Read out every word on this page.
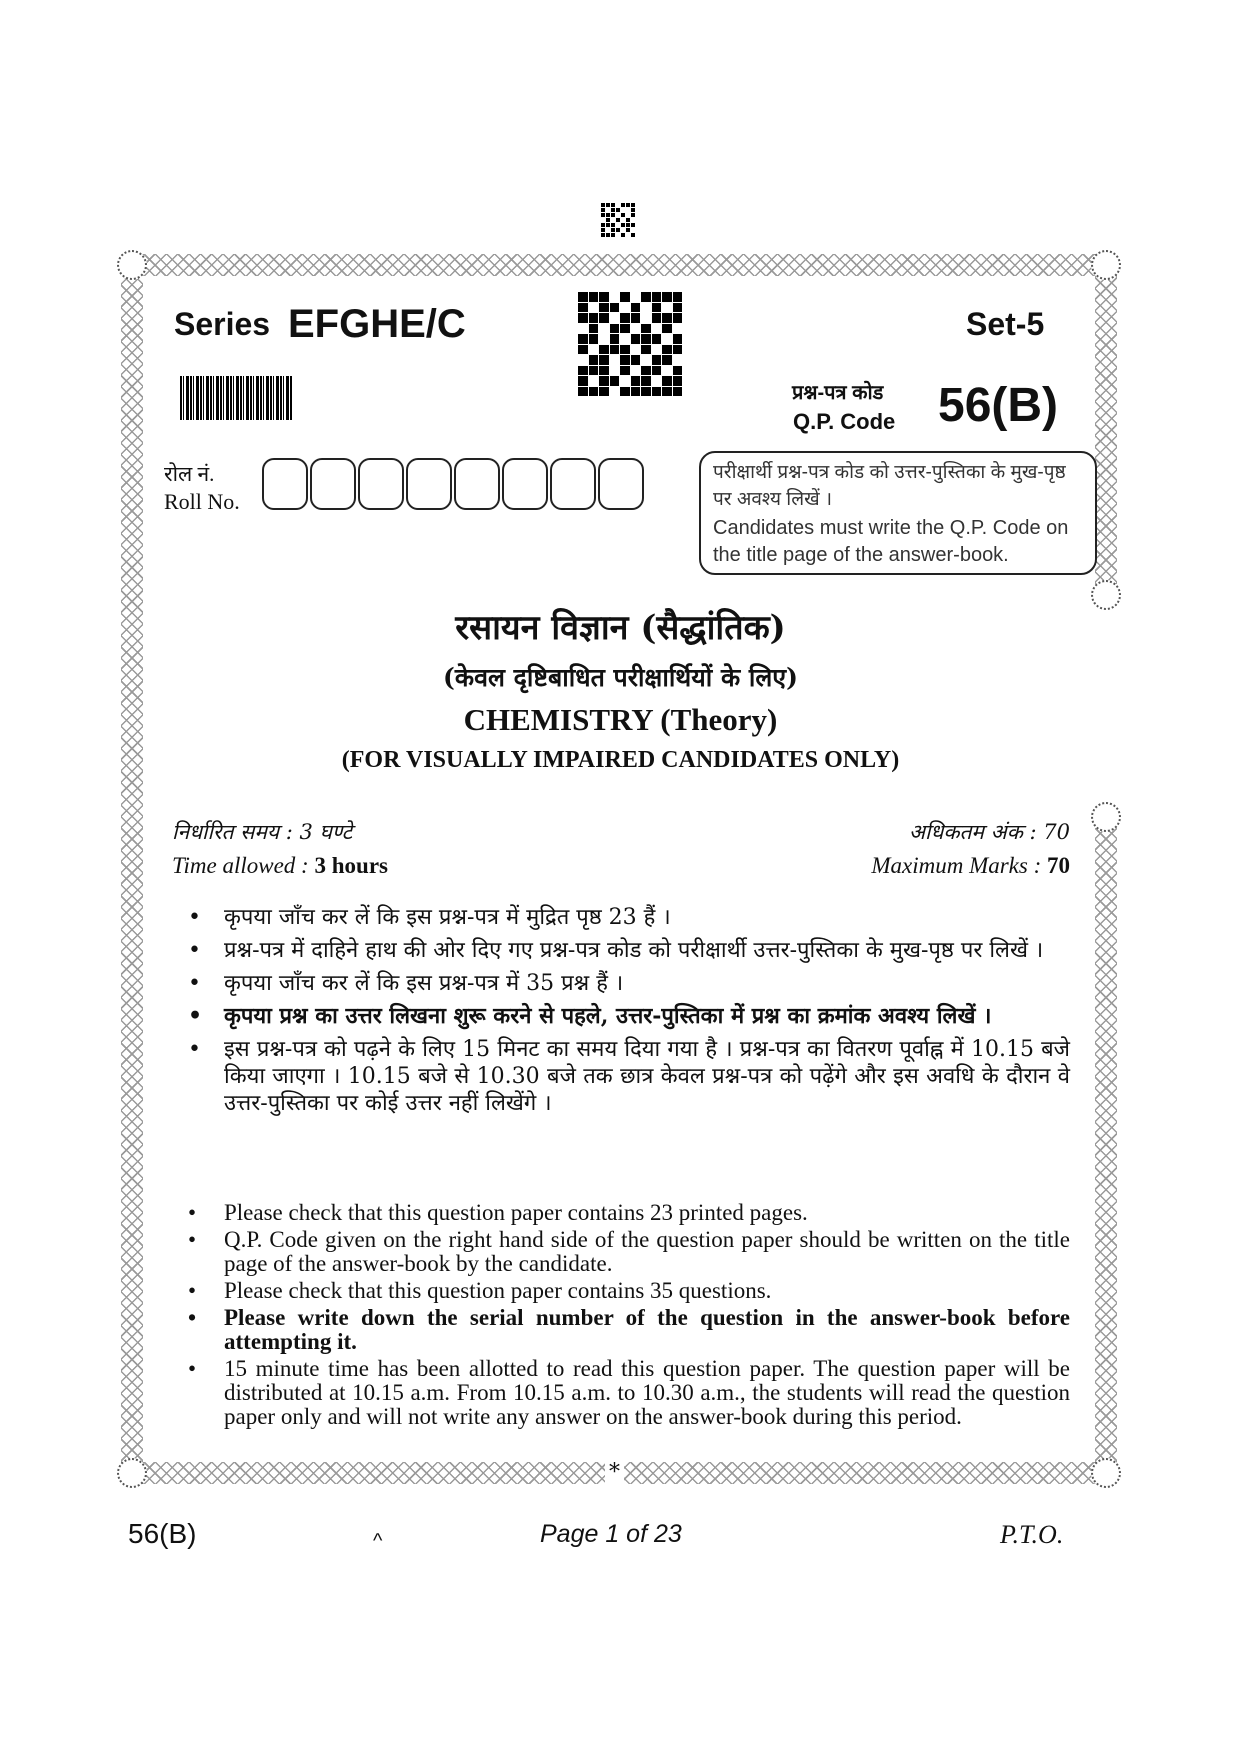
*
Series EFGHE/C	Set-5
प्रश्न-पत्र कोड
Q.P. Code 56(B)
रोल नं.
Roll No.
परीक्षार्थी प्रश्न-पत्र कोड को उत्तर-पुस्तिका के मुख-पृष्ठ पर अवश्य लिखें ।
Candidates must write the Q.P. Code on the title page of the answer-book.
रसायन विज्ञान (सैद्धांतिक)
(केवल दृष्टिबाधित परीक्षार्थियों के लिए)
CHEMISTRY (Theory)
(FOR VISUALLY IMPAIRED CANDIDATES ONLY)
निर्धारित समय : 3 घण्टे	अधिकतम अंक : 70
Time allowed : 3 hours	Maximum Marks : 70
• कृपया जाँच कर लें कि इस प्रश्न-पत्र में मुद्रित पृष्ठ 23 हैं ।
• प्रश्न-पत्र में दाहिने हाथ की ओर दिए गए प्रश्न-पत्र कोड को परीक्षार्थी उत्तर-पुस्तिका के मुख-पृष्ठ पर लिखें ।
• कृपया जाँच कर लें कि इस प्रश्न-पत्र में 35 प्रश्न हैं ।
• कृपया प्रश्न का उत्तर लिखना शुरू करने से पहले, उत्तर-पुस्तिका में प्रश्न का क्रमांक अवश्य लिखें ।
• इस प्रश्न-पत्र को पढ़ने के लिए 15 मिनट का समय दिया गया है । प्रश्न-पत्र का वितरण पूर्वाह्न में 10.15 बजे किया जाएगा । 10.15 बजे से 10.30 बजे तक छात्र केवल प्रश्न-पत्र को पढ़ेंगे और इस अवधि के दौरान वे उत्तर-पुस्तिका पर कोई उत्तर नहीं लिखेंगे ।
• Please check that this question paper contains 23 printed pages.
• Q.P. Code given on the right hand side of the question paper should be written on the title page of the answer-book by the candidate.
• Please check that this question paper contains 35 questions.
• Please write down the serial number of the question in the answer-book before attempting it.
• 15 minute time has been allotted to read this question paper. The question paper will be distributed at 10.15 a.m. From 10.15 a.m. to 10.30 a.m., the students will read the question paper only and will not write any answer on the answer-book during this period.
56(B)	^	Page 1 of 23	P.T.O.
